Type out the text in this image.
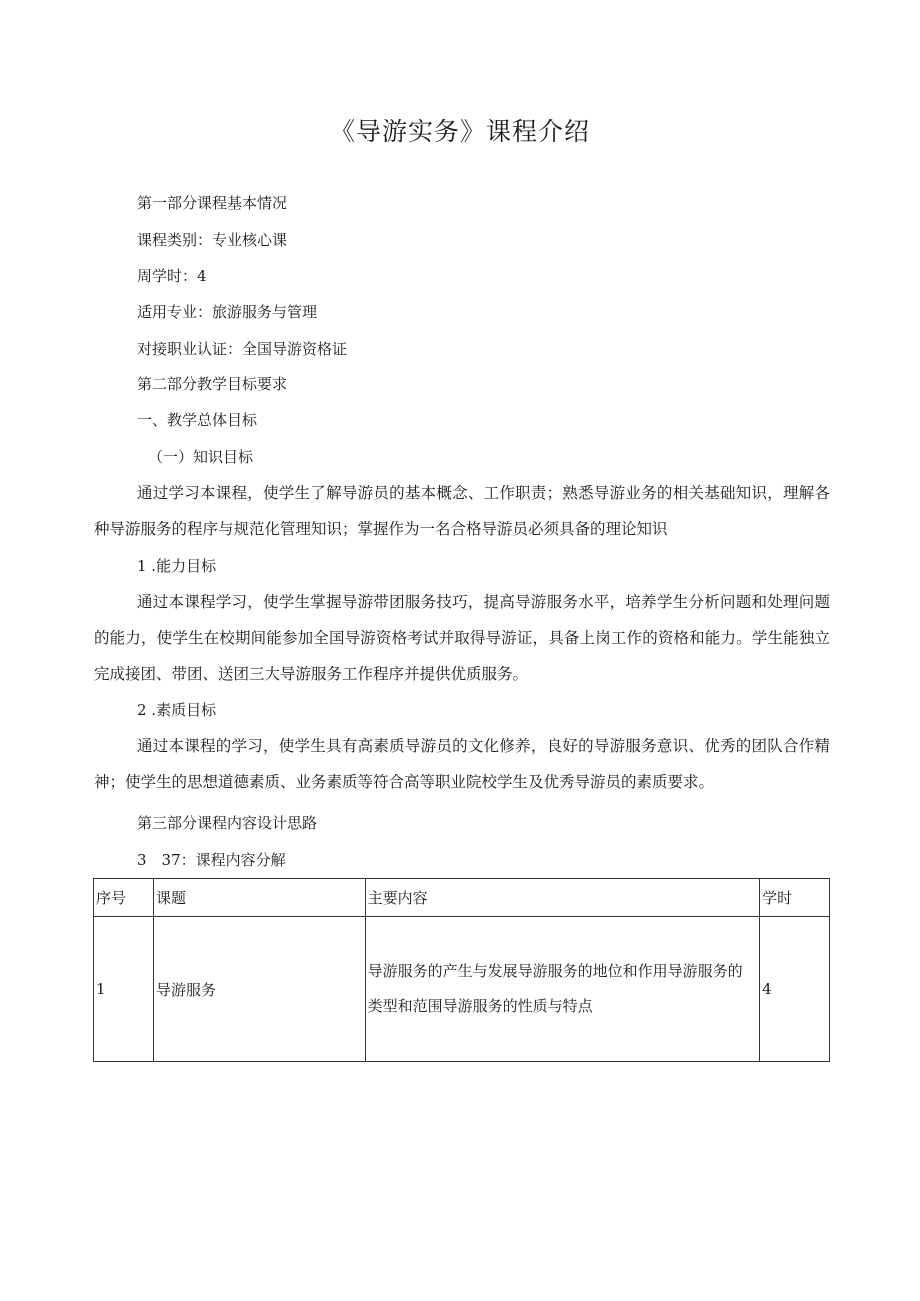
《导游实务》课程介绍
第一部分课程基本情况
课程类别：专业核心课
周学时：4
适用专业：旅游服务与管理
对接职业认证：全国导游资格证
第二部分教学目标要求
一、教学总体目标
（一）知识目标

通过学习本课程，使学生了解导游员的基本概念、工作职责；熟悉导游业务的相关基础知识，理解各种导游服务的程序与规范化管理知识；掌握作为一名合格导游员必须具备的理论知识

1 .能力目标

通过本课程学习，使学生掌握导游带团服务技巧，提高导游服务水平，培养学生分析问题和处理问题的能力，使学生在校期间能参加全国导游资格考试并取得导游证，具备上岗工作的资格和能力。学生能独立完成接团、带团、送团三大导游服务工作程序并提供优质服务。

2 .素质目标

通过本课程的学习，使学生具有高素质导游员的文化修养，良好的导游服务意识、优秀的团队合作精神；使学生的思想道德素质、业务素质等符合高等职业院校学生及优秀导游员的素质要求。

第三部分课程内容设计思路
3　37：课程内容分解
序号	课题	主要内容	学时
1	导游服务	导游服务的产生与发展导游服务的地位和作用导游服务的类型和范围导游服务的性质与特点	4
